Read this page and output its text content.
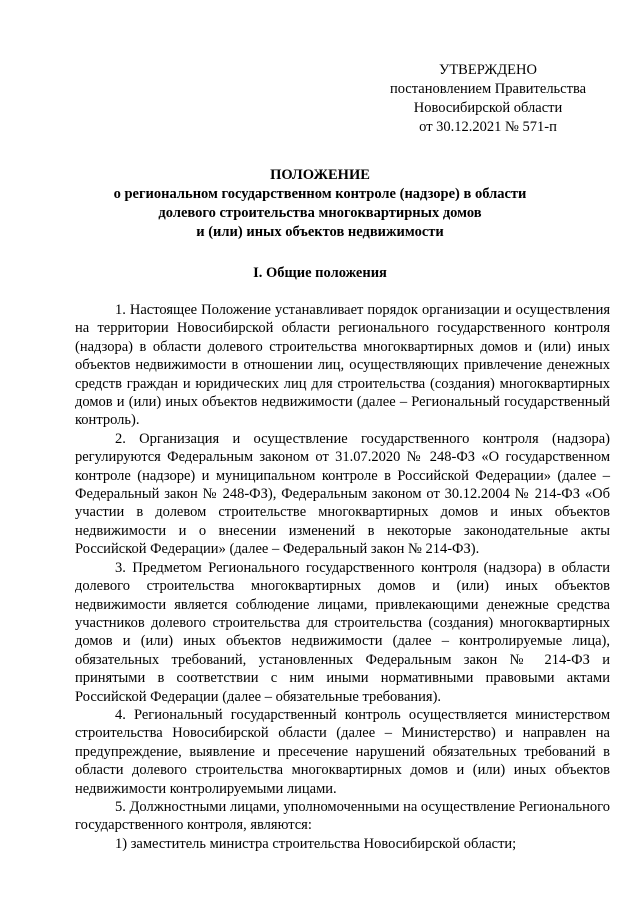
УТВЕРЖДЕНО
постановлением Правительства
Новосибирской области
от 30.12.2021 № 571-п
ПОЛОЖЕНИЕ
о региональном государственном контроле (надзоре) в области
долевого строительства многоквартирных домов
и (или) иных объектов недвижимости
I. Общие положения

1. Настоящее Положение устанавливает порядок организации и осуществления на территории Новосибирской области регионального государственного контроля (надзора) в области долевого строительства многоквартирных домов и (или) иных объектов недвижимости в отношении лиц, осуществляющих привлечение денежных средств граждан и юридических лиц для строительства (создания) многоквартирных домов и (или) иных объектов недвижимости (далее – Региональный государственный контроль).

2. Организация и осуществление государственного контроля (надзора) регулируются Федеральным законом от 31.07.2020 № 248-ФЗ «О государственном контроле (надзоре) и муниципальном контроле в Российской Федерации» (далее – Федеральный закон № 248-ФЗ), Федеральным законом от 30.12.2004 № 214-ФЗ «Об участии в долевом строительстве многоквартирных домов и иных объектов недвижимости и о внесении изменений в некоторые законодательные акты Российской Федерации» (далее – Федеральный закон № 214-ФЗ).

3. Предметом Регионального государственного контроля (надзора) в области долевого строительства многоквартирных домов и (или) иных объектов недвижимости является соблюдение лицами, привлекающими денежные средства участников долевого строительства для строительства (создания) многоквартирных домов и (или) иных объектов недвижимости (далее – контролируемые лица), обязательных требований, установленных Федеральным закон № 214-ФЗ и принятыми в соответствии с ним иными нормативными правовыми актами Российской Федерации (далее – обязательные требования).

4. Региональный государственный контроль осуществляется министерством строительства Новосибирской области (далее – Министерство) и направлен на предупреждение, выявление и пресечение нарушений обязательных требований в области долевого строительства многоквартирных домов и (или) иных объектов недвижимости контролируемыми лицами.

5. Должностными лицами, уполномоченными на осуществление Регионального государственного контроля, являются:

1) заместитель министра строительства Новосибирской области;
